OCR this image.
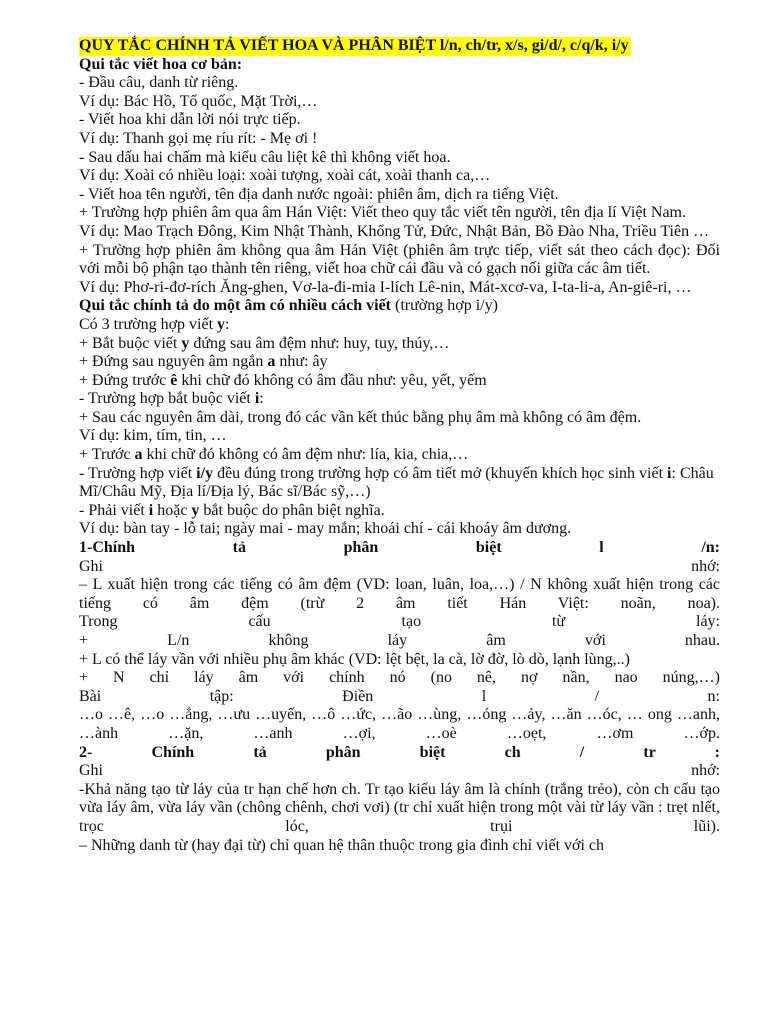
QUY TẮC CHÍNH TẢ VIẾT HOA VÀ PHÂN BIỆT l/n, ch/tr, x/s, gi/d/, c/q/k, i/y
Qui tắc viết hoa cơ bản:
- Đầu câu, danh từ riêng.
Ví dụ: Bác Hồ, Tổ quốc, Mặt Trời,…
- Viết hoa khi dẫn lời nói trực tiếp.
Ví dụ: Thanh gọi mẹ ríu rít: - Mẹ ơi !
- Sau dấu hai chấm mà kiểu câu liệt kê thì không viết hoa.
Ví dụ: Xoài có nhiều loại: xoài tượng, xoài cát, xoài thanh ca,…
- Viết hoa tên người, tên địa danh nước ngoài: phiên âm, dịch ra tiếng Việt.
+ Trường hợp phiên âm qua âm Hán Việt: Viết theo quy tắc viết tên người, tên địa lí Việt Nam.
Ví dụ: Mao Trạch Đông, Kim Nhật Thành, Khổng Tử, Đức, Nhật Bản, Bồ Đào Nha, Triều Tiên …
+ Trường hợp phiên âm không qua âm Hán Việt (phiên âm trực tiếp, viết sát theo cách đọc): Đối với mỗi bộ phận tạo thành tên riêng, viết hoa chữ cái đầu và có gạch nối giữa các âm tiết.
Ví dụ: Phơ-ri-đơ-rích Ăng-ghen, Vơ-la-đi-mia I-lích Lê-nin, Mát-xcơ-va, I-ta-li-a, An-giê-ri, …
Qui tắc chính tả do một âm có nhiều cách viết (trường hợp i/y)
Có 3 trường hợp viết y:
+ Bắt buộc viết y đứng sau âm đệm như: huy, tuy, thúy,…
+ Đứng sau nguyên âm ngắn a như: ây
+ Đứng trước ê khi chữ đó không có âm đầu như: yêu, yết, yếm
- Trường hợp bắt buộc viết i:
+ Sau các nguyên âm dài, trong đó các vần kết thúc bằng phụ âm mà không có âm đệm.
Ví dụ: kim, tím, tin, …
+ Trước a khi chữ đó không có âm đệm như: lía, kia, chia,…
- Trường hợp viết i/y đều đúng trong trường hợp có âm tiết mở (khuyến khích học sinh viết i: Châu Mĩ/Châu Mỹ, Địa lí/Địa lý, Bác sĩ/Bác sỹ,…)
- Phải viết i hoặc y bắt buộc do phân biệt nghĩa.
Ví dụ: bàn tay - lỗ tai; ngày mai - may mắn; khoái chí - cái khoáy âm dương.
1-Chính tả phân biệt l /n:
Ghi nhớ:
– L xuất hiện trong các tiếng có âm đệm (VD: loan, luân, loa,…) / N không xuất hiện trong các tiếng có âm đệm (trừ 2 âm tiết Hán Việt: noãn, noa).
Trong cấu tạo từ láy:
+ L/n không láy âm với nhau.
+ L có thể láy vần với nhiều phụ âm khác (VD: lệt bệt, la cà, lờ đờ, lò dò, lạnh lùng,..)
+ N chỉ láy âm với chính nó (no nê, nợ nần, nao núng,…)
Bài tập: Điền l / n:
…o …ê, …o …ắng, …ưu …uyến, …ô …ức, …ão …ùng, …óng …ảy, …ăn …óc, … ong …anh, …ành …ặn, …anh …ợi, …oè …oẹt, …ơm …ớp.
2- Chính tả phân biệt ch / tr :
Ghi nhớ:
-Khả năng tạo từ láy của tr hạn chế hơn ch. Tr tạo kiểu láy âm là chính (trắng trẻo), còn ch cấu tạo vừa láy âm, vừa láy vần (chông chênh, chơi vơi) (tr chỉ xuất hiện trong một vài từ láy vần : trẹt nlết, trọc lóc, trụi lũi).
– Những danh từ (hay đại từ) chỉ quan hệ thân thuộc trong gia đình chỉ viết với ch
